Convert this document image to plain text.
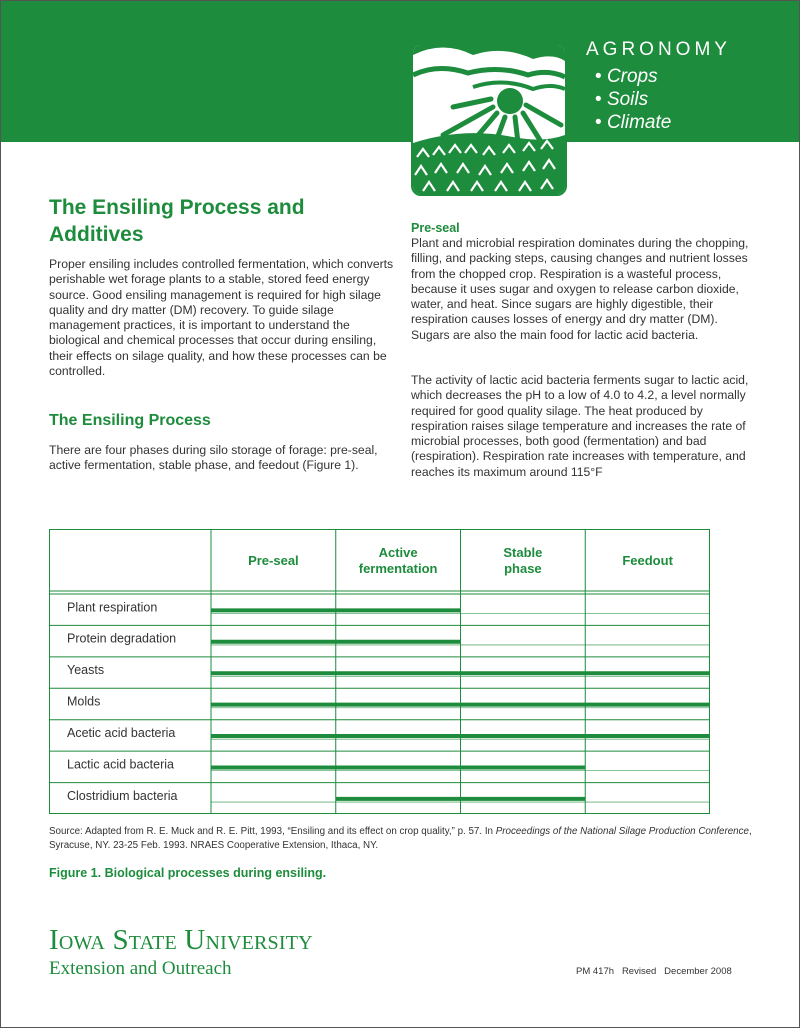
AGRONOMY
• Crops
• Soils
• Climate
The Ensiling Process and Additives

Proper ensiling includes controlled fermentation, which converts perishable wet forage plants to a stable, stored feed energy source. Good ensiling management is required for high silage quality and dry matter (DM) recovery. To guide silage management practices, it is important to understand the biological and chemical processes that occur during ensiling, their effects on silage quality, and how these processes can be controlled.

The Ensiling Process

There are four phases during silo storage of forage: pre-seal, active fermentation, stable phase, and feedout (Figure 1).

Pre-seal

Plant and microbial respiration dominates during the chopping, filling, and packing steps, causing changes and nutrient losses from the chopped crop. Respiration is a wasteful process, because it uses sugar and oxygen to release carbon dioxide, water, and heat. Since sugars are highly digestible, their respiration causes losses of energy and dry matter (DM). Sugars are also the main food for lactic acid bacteria.

The activity of lactic acid bacteria ferments sugar to lactic acid, which decreases the pH to a low of 4.0 to 4.2, a level normally required for good quality silage. The heat produced by respiration raises silage temperature and increases the rate of microbial processes, both good (fermentation) and bad (respiration). Respiration rate increases with temperature, and reaches its maximum around 115°F

Pre-seal
Active fermentation
Stable phase
Feedout
Plant respiration
Protein degradation
Yeasts
Molds
Acetic acid bacteria
Lactic acid bacteria
Clostridium bacteria

Source: Adapted from R. E. Muck and R. E. Pitt, 1993, “Ensiling and its effect on crop quality,” p. 57. In Proceedings of the National Silage Production Conference, Syracuse, NY. 23-25 Feb. 1993. NRAES Cooperative Extension, Ithaca, NY.

Figure 1. Biological processes during ensiling.
Iowa State University
Extension and Outreach	PM 417h   Revised   December 2008
